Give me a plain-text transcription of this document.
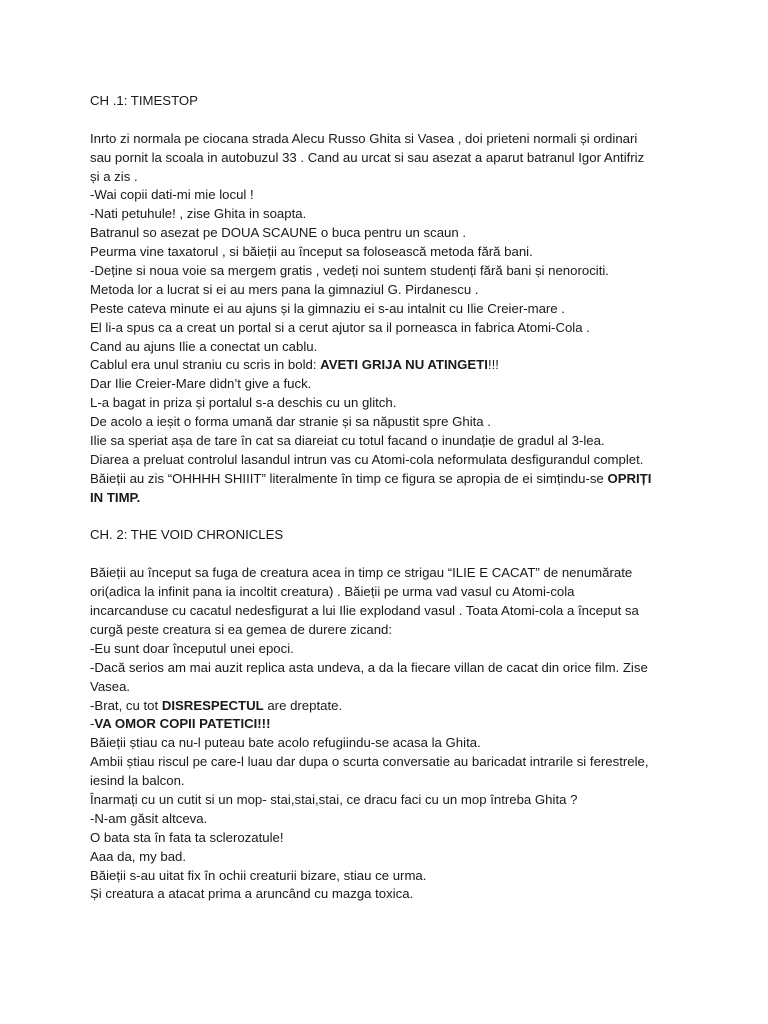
CH .1: TIMESTOP
Inrto zi normala pe ciocana strada Alecu Russo Ghita si Vasea , doi prieteni normali și ordinari
sau pornit la scoala in autobuzul 33 . Cand au urcat si sau asezat a aparut batranul Igor Antifriz
și a zis .
-Wai copii dati-mi mie locul !
-Nati petuhule! , zise Ghita in soapta.
Batranul so asezat pe DOUA SCAUNE o buca pentru un scaun .
Peurma vine taxatorul , si băieții au început sa folosească metoda fără bani.
-Deține si noua voie sa mergem gratis , vedeți noi suntem studenți fără bani și nenorociti.
Metoda lor a lucrat si ei au mers pana la gimnaziul G. Pirdanescu .
Peste cateva minute ei au ajuns și la gimnaziu ei s-au intalnit cu Ilie Creier-mare .
El li-a spus ca a creat un portal si a cerut ajutor sa il porneasca in fabrica Atomi-Cola .
Cand au ajuns Ilie a conectat un cablu.
Cablul era unul straniu cu scris in bold: AVETI GRIJA NU ATINGETI!!!
Dar Ilie Creier-Mare didn’t give a fuck.
L-a bagat in priza și portalul s-a deschis cu un glitch.
De acolo a ieșit o forma umană dar stranie și sa năpustit spre Ghita .
Ilie sa speriat așa de tare în cat sa diareiat cu totul facand o inundație de gradul al 3-lea.
Diarea a preluat controlul lasandul intrun vas cu Atomi-cola neformulata desfigurandul complet.
Băieții au zis “OHHHH SHIIIT” literalmente în timp ce figura se apropia de ei simțindu-se OPRIȚI
IN TIMP.
CH. 2: THE VOID CHRONICLES
Băieții au început sa fuga de creatura acea in timp ce strigau “ILIE E CACAT” de nenumărate
ori(adica la infinit pana ia incoltit creatura) . Băieții pe urma vad vasul cu Atomi-cola
incarcanduse cu cacatul nedesfigurat a lui Ilie explodand vasul . Toata Atomi-cola a început sa
curgă peste creatura si ea gemea de durere zicand:
-Eu sunt doar începutul unei epoci.
-Dacă serios am mai auzit replica asta undeva, a da la fiecare villan de cacat din orice film. Zise
Vasea.
-Brat, cu tot DISRESPECTUL are dreptate.
-VA OMOR COPII PATETICI!!!
Băieții știau ca nu-l puteau bate acolo refugiindu-se acasa la Ghita.
Ambii știau riscul pe care-l luau dar dupa o scurta conversatie au baricadat intrarile si ferestrele,
iesind la balcon.
Înarmați cu un cutit si un mop- stai,stai,stai, ce dracu faci cu un mop întreba Ghita ?
-N-am găsit altceva.
O bata sta în fata ta sclerozatule!
Aaa da, my bad.
Băieții s-au uitat fix în ochii creaturii bizare, stiau ce urma.
Și creatura a atacat prima a aruncând cu mazga toxica.
